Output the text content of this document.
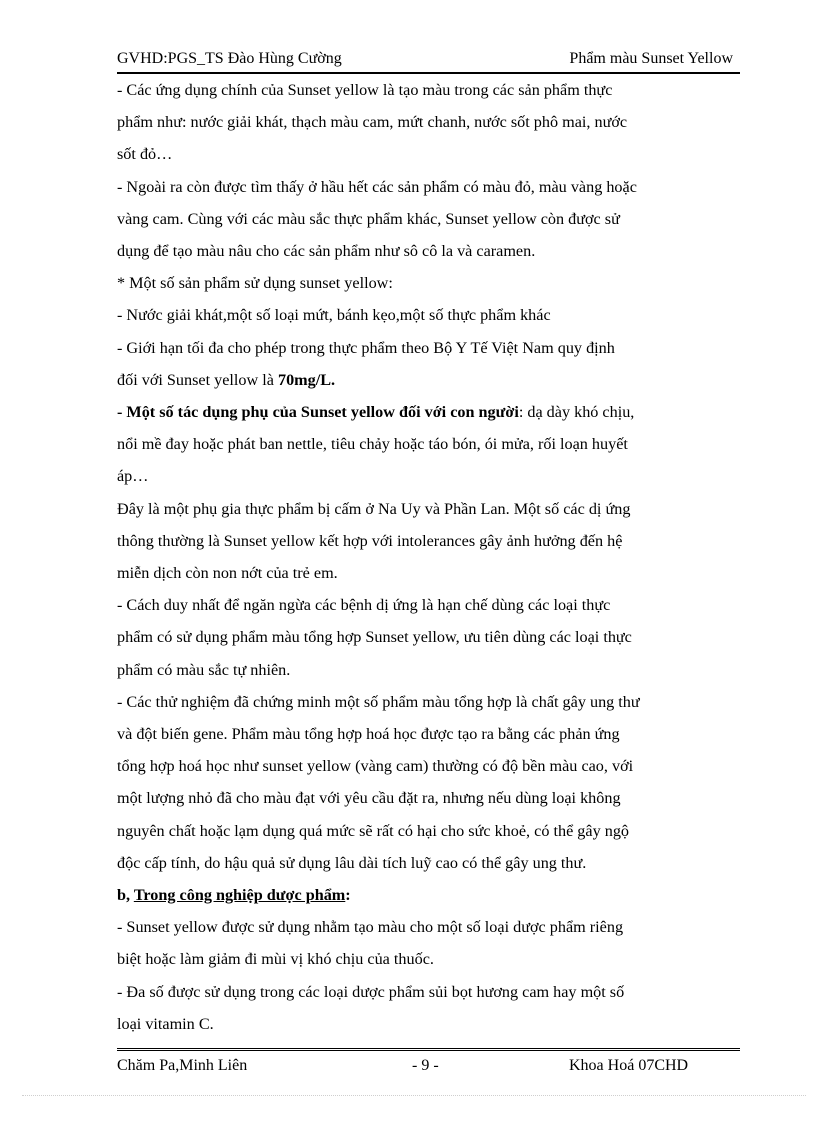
GVHD:PGS_TS Đào Hùng Cường	Phẩm màu Sunset Yellow
- Các ứng dụng chính của Sunset yellow là tạo màu trong các sản phẩm thực
phẩm như: nước giải khát, thạch màu cam, mứt chanh, nước sốt phô mai, nước
sốt đỏ…
- Ngoài ra còn được tìm thấy ở hầu hết các sản phẩm có màu đỏ, màu vàng hoặc
vàng cam. Cùng với các màu sắc thực phẩm khác, Sunset yellow còn được sử
dụng để tạo màu nâu cho các sản phẩm như sô cô la và caramen.
* Một số sản phẩm sử dụng sunset yellow:
- Nước giải khát,một số loại mứt, bánh kẹo,một số thực phẩm khác
- Giới hạn tối đa cho phép trong thực phẩm theo Bộ Y Tế Việt Nam quy định
đối với Sunset yellow là 70mg/L.
- Một số tác dụng phụ của Sunset yellow đối với con người: dạ dày khó chịu,
nổi mề đay hoặc phát ban nettle, tiêu chảy hoặc táo bón, ói mửa, rối loạn huyết
áp…
Đây là một phụ gia thực phẩm bị cấm ở Na Uy và Phần Lan. Một số các dị ứng
thông thường là Sunset yellow kết hợp với intolerances gây ảnh hưởng đến hệ
miễn dịch còn non nớt của trẻ em.
- Cách duy nhất để ngăn ngừa các bệnh dị ứng là hạn chế dùng các loại thực
phẩm có sử dụng phẩm màu tổng hợp Sunset yellow, ưu tiên dùng các loại thực
phẩm có màu sắc tự nhiên.
- Các thử nghiệm đã chứng minh một số phẩm màu tổng hợp là chất gây ung thư
và đột biến gene. Phẩm màu tổng hợp hoá học được tạo ra bằng các phản ứng
tổng hợp hoá học như sunset yellow (vàng cam) thường có độ bền màu cao, với
một lượng nhỏ đã cho màu đạt với yêu cầu đặt ra, nhưng nếu dùng loại không
nguyên chất hoặc lạm dụng quá mức sẽ rất có hại cho sức khoẻ, có thể gây ngộ
độc cấp tính, do hậu quả sử dụng lâu dài tích luỹ cao có thể gây ung thư.
b, Trong công nghiệp dược phẩm:
- Sunset yellow được sử dụng nhằm tạo màu cho một số loại dược phẩm riêng
biệt hoặc làm giảm đi mùi vị khó chịu của thuốc.
- Đa số được sử dụng trong các loại dược phẩm sủi bọt hương cam hay một số
loại vitamin C.
Chăm Pa,Minh Liên	- 9 -	Khoa Hoá 07CHD
